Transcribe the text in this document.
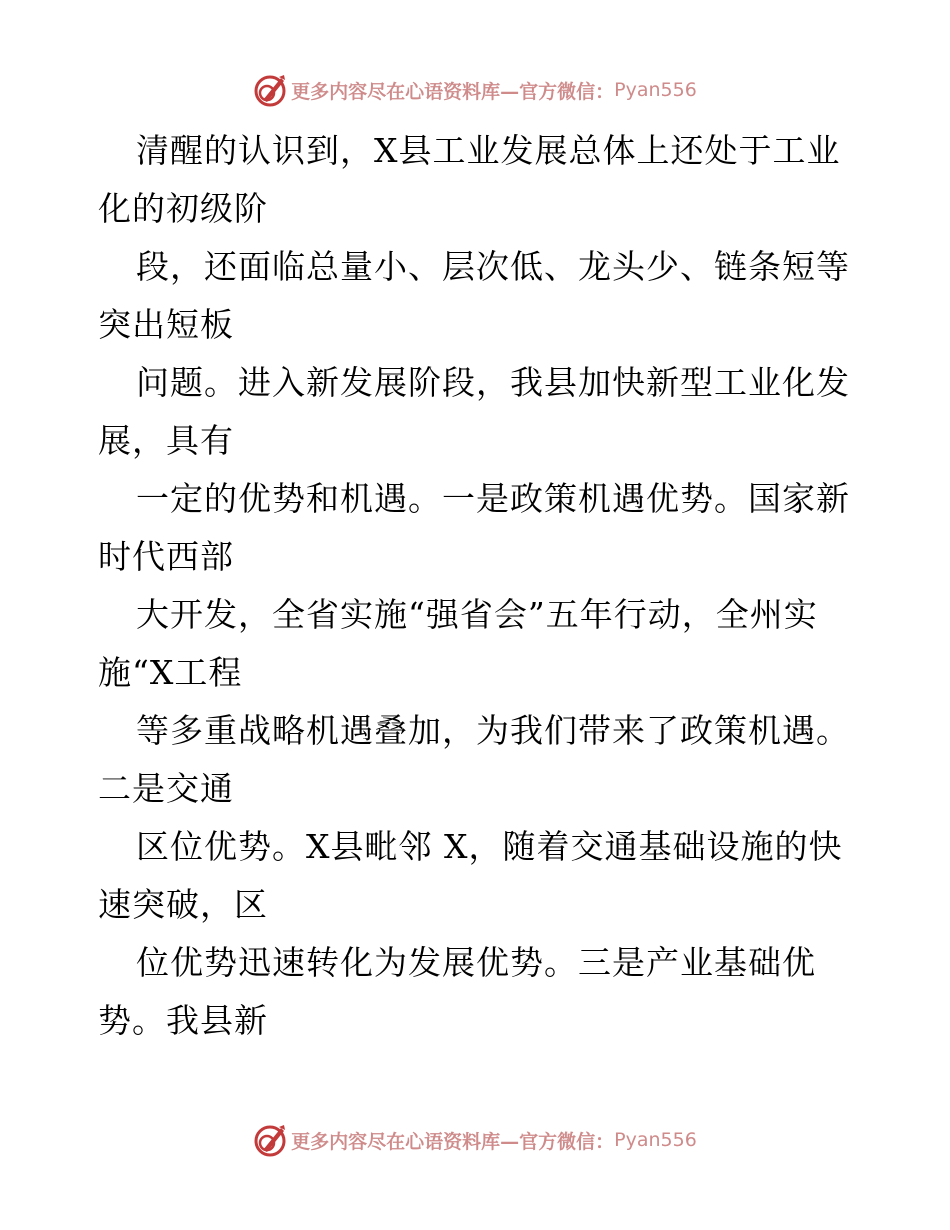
更多内容尽在心语资料库—官方微信： Pyan556
清醒的认识到，X县工业发展总体上还处于工业
化的初级阶
段，还面临总量小、层次低、龙头少、链条短等
突出短板
问题。进入新发展阶段，我县加快新型工业化发
展，具有
一定的优势和机遇。一是政策机遇优势。国家新
时代西部
大开发，全省实施“强省会”五年行动，全州实
施“X工程
等多重战略机遇叠加，为我们带来了政策机遇。
二是交通
区位优势。X县毗邻 X，随着交通基础设施的快
速突破，区
位优势迅速转化为发展优势。三是产业基础优
势。我县新
更多内容尽在心语资料库—官方微信： Pyan556
